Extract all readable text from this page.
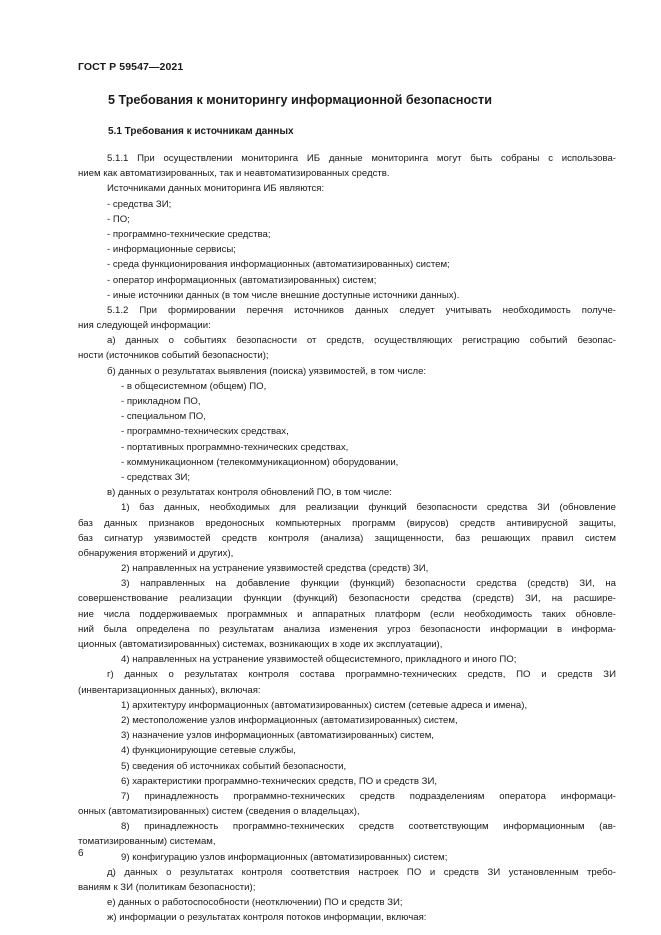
ГОСТ Р 59547—2021
5 Требования к мониторингу информационной безопасности
5.1 Требования к источникам данных
5.1.1 При осуществлении мониторинга ИБ данные мониторинга могут быть собраны с использова-
нием как автоматизированных, так и неавтоматизированных средств.
Источниками данных мониторинга ИБ являются:
- средства ЗИ;
- ПО;
- программно-технические средства;
- информационные сервисы;
- среда функционирования информационных (автоматизированных) систем;
- оператор информационных (автоматизированных) систем;
- иные источники данных (в том числе внешние доступные источники данных).
5.1.2 При формировании перечня источников данных следует учитывать необходимость получе-
ния следующей информации:
а) данных о событиях безопасности от средств, осуществляющих регистрацию событий безопас-
ности (источников событий безопасности);
б) данных о результатах выявления (поиска) уязвимостей, в том числе:
- в общесистемном (общем) ПО,
- прикладном ПО,
- специальном ПО,
- программно-технических средствах,
- портативных программно-технических средствах,
- коммуникационном (телекоммуникационном) оборудовании,
- средствах ЗИ;
в) данных о результатах контроля обновлений ПО, в том числе:
1) баз данных, необходимых для реализации функций безопасности средства ЗИ (обновление
баз данных признаков вредоносных компьютерных программ (вирусов) средств антивирусной защиты,
баз сигнатур уязвимостей средств контроля (анализа) защищенности, баз решающих правил систем
обнаружения вторжений и других),
2) направленных на устранение уязвимостей средства (средств) ЗИ,
3) направленных на добавление функции (функций) безопасности средства (средств) ЗИ, на
совершенствование реализации функции (функций) безопасности средства (средств) ЗИ, на расшире-
ние числа поддерживаемых программных и аппаратных платформ (если необходимость таких обновле-
ний была определена по результатам анализа изменения угроз безопасности информации в информа-
ционных (автоматизированных) системах, возникающих в ходе их эксплуатации),
4) направленных на устранение уязвимостей общесистемного, прикладного и иного ПО;
г) данных о результатах контроля состава программно-технических средств, ПО и средств ЗИ
(инвентаризационных данных), включая:
1) архитектуру информационных (автоматизированных) систем (сетевые адреса и имена),
2) местоположение узлов информационных (автоматизированных) систем,
3) назначение узлов информационных (автоматизированных) систем,
4) функционирующие сетевые службы,
5) сведения об источниках событий безопасности,
6) характеристики программно-технических средств, ПО и средств ЗИ,
7) принадлежность программно-технических средств подразделениям оператора информаци-
онных (автоматизированных) систем (сведения о владельцах),
8) принадлежность программно-технических средств соответствующим информационным (ав-
томатизированным) системам,
9) конфигурацию узлов информационных (автоматизированных) систем;
д) данных о результатах контроля соответствия настроек ПО и средств ЗИ установленным требо-
ваниям к ЗИ (политикам безопасности);
е) данных о работоспособности (неотключении) ПО и средств ЗИ;
ж) информации о результатах контроля потоков информации, включая:
6
